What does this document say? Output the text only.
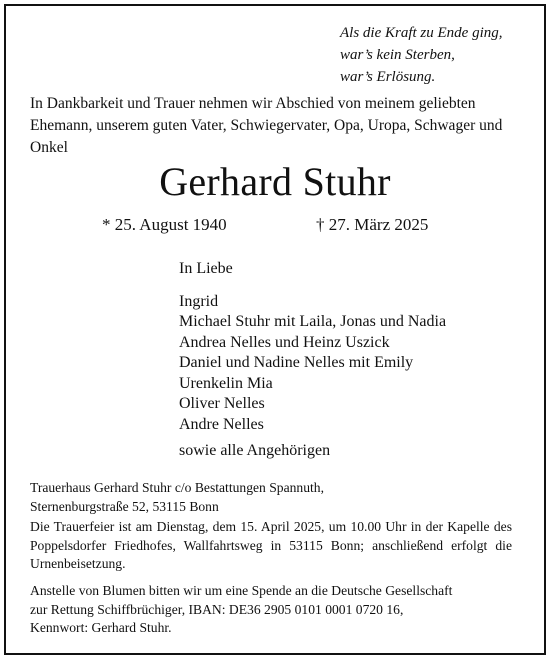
Als die Kraft zu Ende ging,
war’s kein Sterben,
war’s Erlösung.
In Dankbarkeit und Trauer nehmen wir Abschied von meinem geliebten Ehemann, unserem guten Vater, Schwiegervater, Opa, Uropa, Schwager und Onkel
Gerhard Stuhr
* 25. August 1940	† 27. März 2025
In Liebe
Ingrid
Michael Stuhr mit Laila, Jonas und Nadia
Andrea Nelles und Heinz Uszick
Daniel und Nadine Nelles mit Emily
Urenkelin Mia
Oliver Nelles
Andre Nelles
sowie alle Angehörigen
Trauerhaus Gerhard Stuhr c/o Bestattungen Spannuth,
Sternenburgstraße 52, 53115 Bonn
Die Trauerfeier ist am Dienstag, dem 15. April 2025, um 10.00 Uhr in der Kapelle des Poppelsdorfer Friedhofes, Wallfahrtsweg in 53115 Bonn; anschließend erfolgt die Urnenbeisetzung.
Anstelle von Blumen bitten wir um eine Spende an die Deutsche Gesellschaft
zur Rettung Schiffbrüchiger, IBAN: DE36 2905 0101 0001 0720 16,
Kennwort: Gerhard Stuhr.
